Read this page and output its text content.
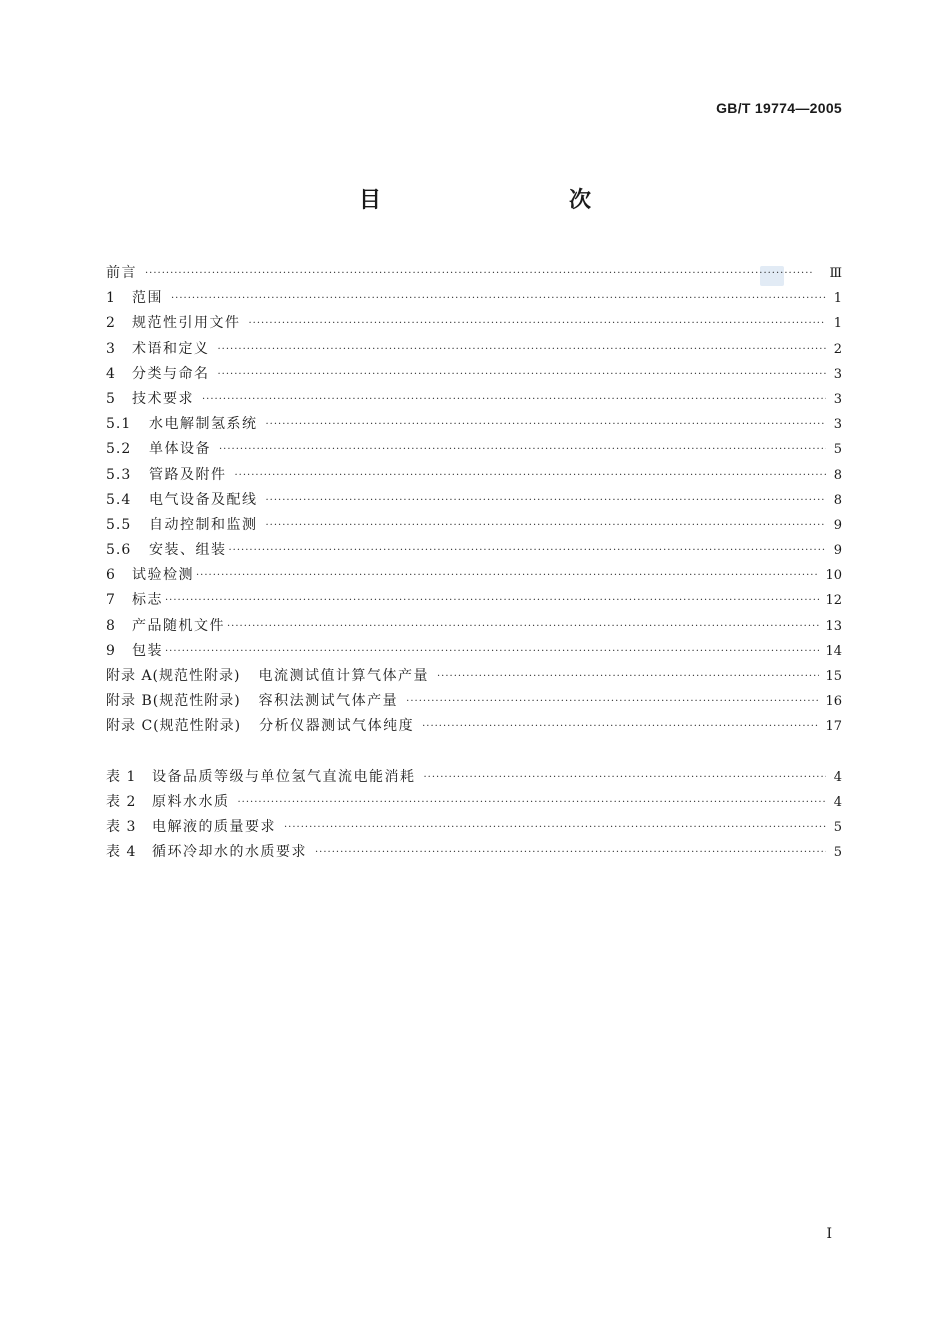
GB/T 19774—2005
目　　次
前言 ·····	Ⅲ
1	范围 ·····	1
2	规范性引用文件 ·····	1
3	术语和定义 ·····	2
4	分类与命名 ·····	3
5	技术要求 ·····	3
5.1	水电解制氢系统 ·····	3
5.2	单体设备 ·····	5
5.3	管路及附件 ·····	8
5.4	电气设备及配线 ·····	8
5.5	自动控制和监测 ·····	9
5.6	安装、组装 ·····	9
6	试验检测 ·····	10
7	标志 ·····	12
8	产品随机文件 ·····	13
9	包装 ·····	14
附录 A(规范性附录) 电流测试值计算气体产量 ·····	15
附录 B(规范性附录) 容积法测试气体产量 ·····	16
附录 C(规范性附录) 分析仪器测试气体纯度 ·····	17
表 1	设备品质等级与单位氢气直流电能消耗 ·····	4
表 2	原料水水质 ·····	4
表 3	电解液的质量要求 ·····	5
表 4	循环冷却水的水质要求 ·····	5
Ⅰ
